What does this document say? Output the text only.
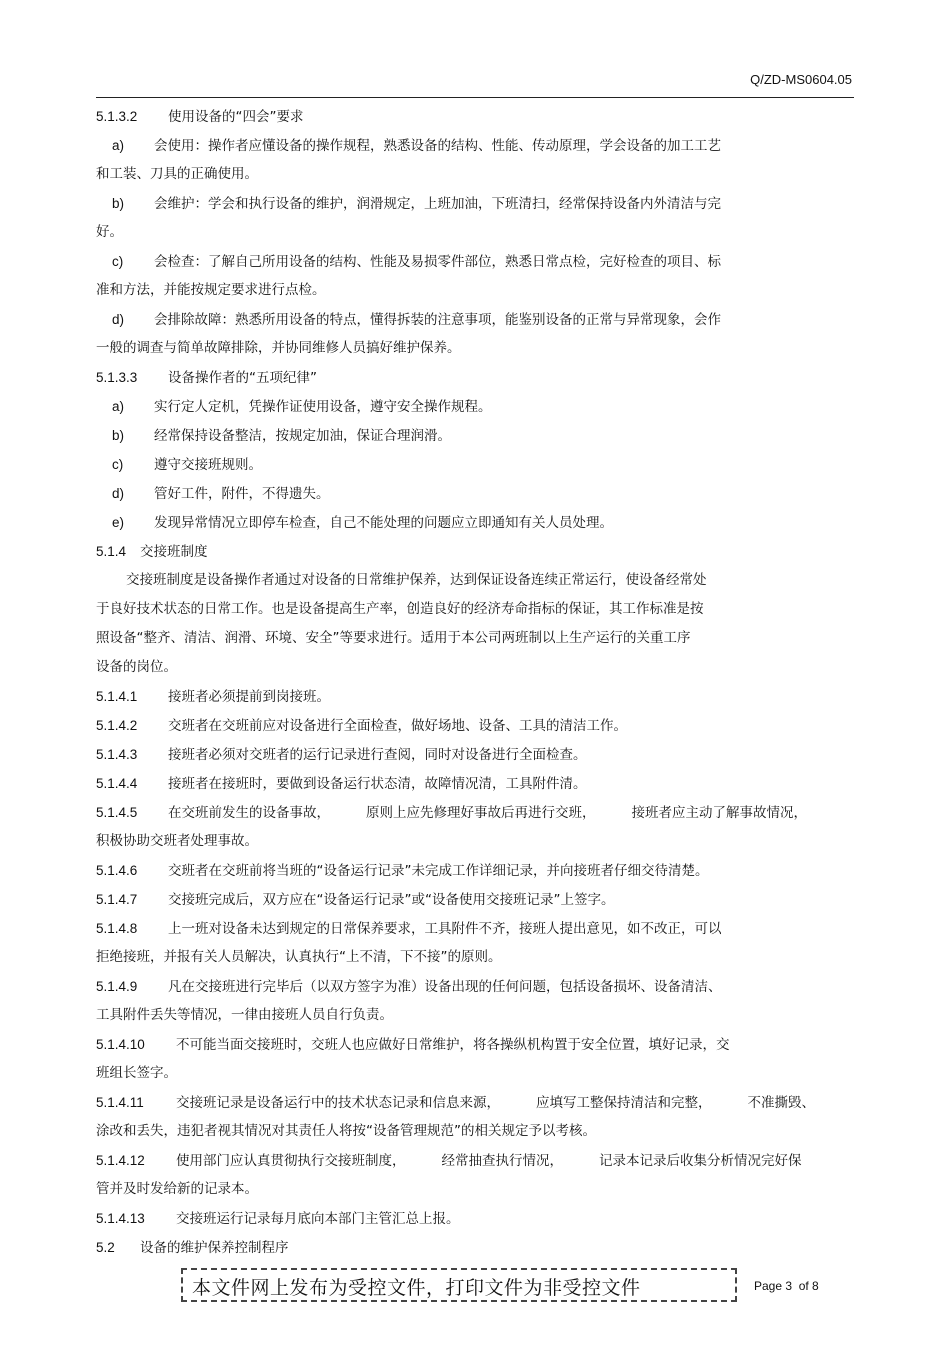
Q/ZD-MS0604.05
5.1.3.2 使用设备的“四会”要求
a) 会使用：操作者应懂设备的操作规程，熟悉设备的结构、性能、传动原理，学会设备的加工工艺
和工装、刀具的正确使用。
b) 会维护：学会和执行设备的维护，润滑规定，上班加油，下班清扫，经常保持设备内外清洁与完
好。
c) 会检查：了解自己所用设备的结构、性能及易损零件部位，熟悉日常点检，完好检查的项目、标
准和方法，并能按规定要求进行点检。
d) 会排除故障：熟悉所用设备的特点，懂得拆装的注意事项，能鉴别设备的正常与异常现象，会作
一般的调查与简单故障排除，并协同维修人员搞好维护保养。
5.1.3.3 设备操作者的“五项纪律”
a) 实行定人定机，凭操作证使用设备，遵守安全操作规程。
b) 经常保持设备整洁，按规定加油，保证合理润滑。
c) 遵守交接班规则。
d) 管好工件，附件，不得遗失。
e) 发现异常情况立即停车检查，自己不能处理的问题应立即通知有关人员处理。
5.1.4 交接班制度
交接班制度是设备操作者通过对设备的日常维护保养，达到保证设备连续正常运行，使设备经常处
于良好技术状态的日常工作。也是设备提高生产率，创造良好的经济寿命指标的保证，其工作标准是按
照设备“整齐、清洁、润滑、环境、安全”等要求进行。适用于本公司两班制以上生产运行的关重工序
设备的岗位。
5.1.4.1 接班者必须提前到岗接班。
5.1.4.2 交班者在交班前应对设备进行全面检查，做好场地、设备、工具的清洁工作。
5.1.4.3 接班者必须对交班者的运行记录进行查阅，同时对设备进行全面检查。
5.1.4.4 接班者在接班时，要做到设备运行状态清，故障情况清，工具附件清。
5.1.4.5 在交班前发生的设备事故，	原则上应先修理好事故后再进行交班，	接班者应主动了解事故情况，
积极协助交班者处理事故。
5.1.4.6 交班者在交班前将当班的“设备运行记录”未完成工作详细记录，并向接班者仔细交待清楚。
5.1.4.7 交接班完成后，双方应在“设备运行记录”或“设备使用交接班记录”上签字。
5.1.4.8 上一班对设备未达到规定的日常保养要求，工具附件不齐，接班人提出意见，如不改正，可以
拒绝接班，并报有关人员解决，认真执行“上不清，下不接”的原则。
5.1.4.9 凡在交接班进行完毕后（以双方签字为准）设备出现的任何问题，包括设备损坏、设备清洁、
工具附件丢失等情况，一律由接班人员自行负责。
5.1.4.10 不可能当面交接班时，交班人也应做好日常维护，将各操纵机构置于安全位置，填好记录，交
班组长签字。
5.1.4.11 交接班记录是设备运行中的技术状态记录和信息来源，	应填写工整保持清洁和完整，	不准撕毁、
涂改和丢失，违犯者视其情况对其责任人将按“设备管理规范”的相关规定予以考核。
5.1.4.12 使用部门应认真贯彻执行交接班制度，	经常抽查执行情况，	记录本记录后收集分析情况完好保
管并及时发给新的记录本。
5.1.4.13 交接班运行记录每月底向本部门主管汇总上报。
5.2 设备的维护保养控制程序
本文件网上发布为受控文件，打印文件为非受控文件	Page 3 of 8
